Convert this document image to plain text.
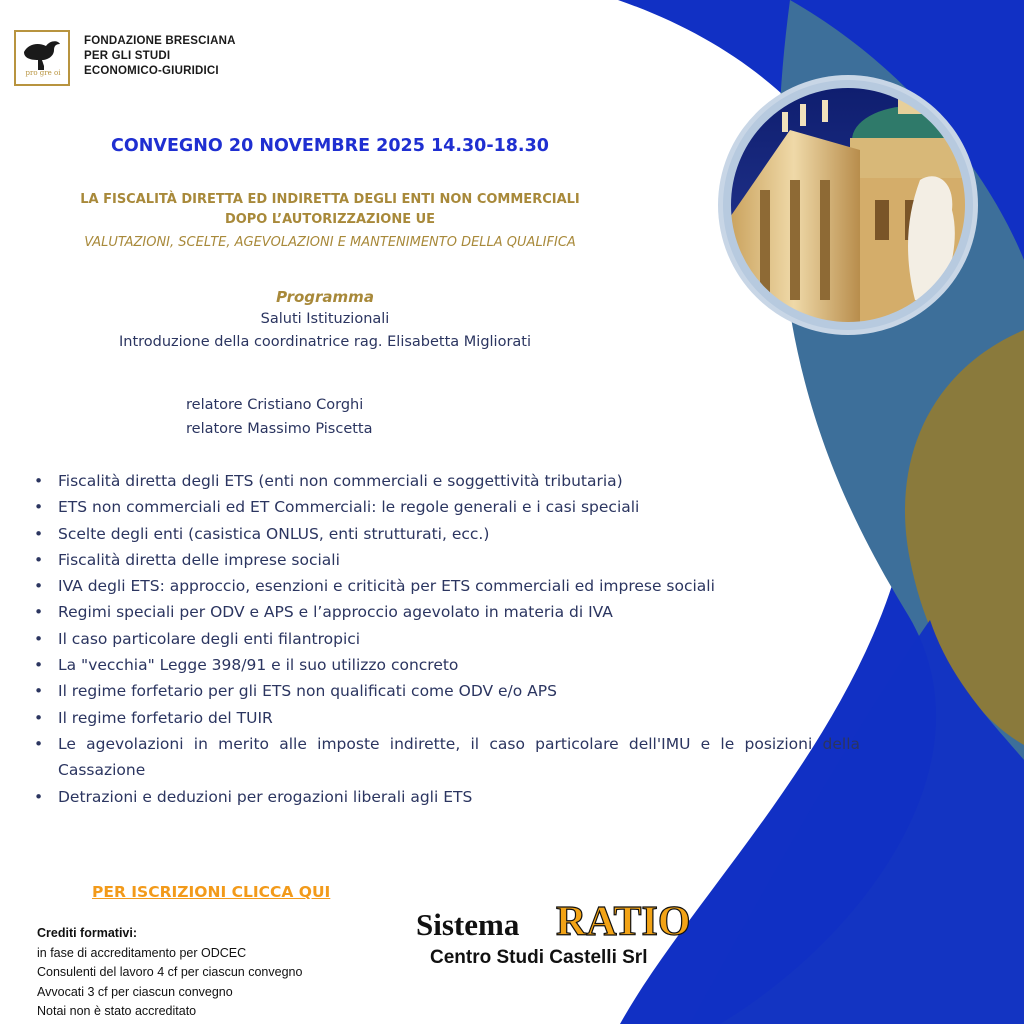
pro gre oi
FONDAZIONE BRESCIANA
PER GLI STUDI
ECONOMICO-GIURIDICI
CONVEGNO 20 NOVEMBRE 2025 14.30-18.30
LA FISCALITÀ DIRETTA ED INDIRETTA DEGLI ENTI NON COMMERCIALI
DOPO L’AUTORIZZAZIONE UE
VALUTAZIONI, SCELTE, AGEVOLAZIONI E MANTENIMENTO DELLA QUALIFICA
Programma
Saluti Istituzionali
Introduzione della coordinatrice rag. Elisabetta Migliorati
relatore Cristiano Corghi
relatore Massimo Piscetta
• Fiscalità diretta degli ETS (enti non commerciali e soggettività tributaria)
• ETS non commerciali ed ET Commerciali: le regole generali e i casi speciali
• Scelte degli enti (casistica ONLUS, enti strutturati, ecc.)
• Fiscalità diretta delle imprese sociali
• IVA degli ETS: approccio, esenzioni e criticità per ETS commerciali ed imprese sociali
• Regimi speciali per ODV e APS e l’approccio agevolato in materia di IVA
• Il caso particolare degli enti filantropici
• La "vecchia" Legge 398/91 e il suo utilizzo concreto
• Il regime forfetario per gli ETS non qualificati come ODV e/o APS
• Il regime forfetario del TUIR
• Le agevolazioni in merito alle imposte indirette, il caso particolare dell'IMU e le posizioni della Cassazione
• Detrazioni e deduzioni per erogazioni liberali agli ETS
PER ISCRIZIONI CLICCA QUI
Crediti formativi:
in fase di accreditamento per ODCEC
Consulenti del lavoro 4 cf per ciascun convegno
Avvocati 3 cf per ciascun convegno
Notai non è stato accreditato
Sistema RATIO
Centro Studi Castelli Srl
